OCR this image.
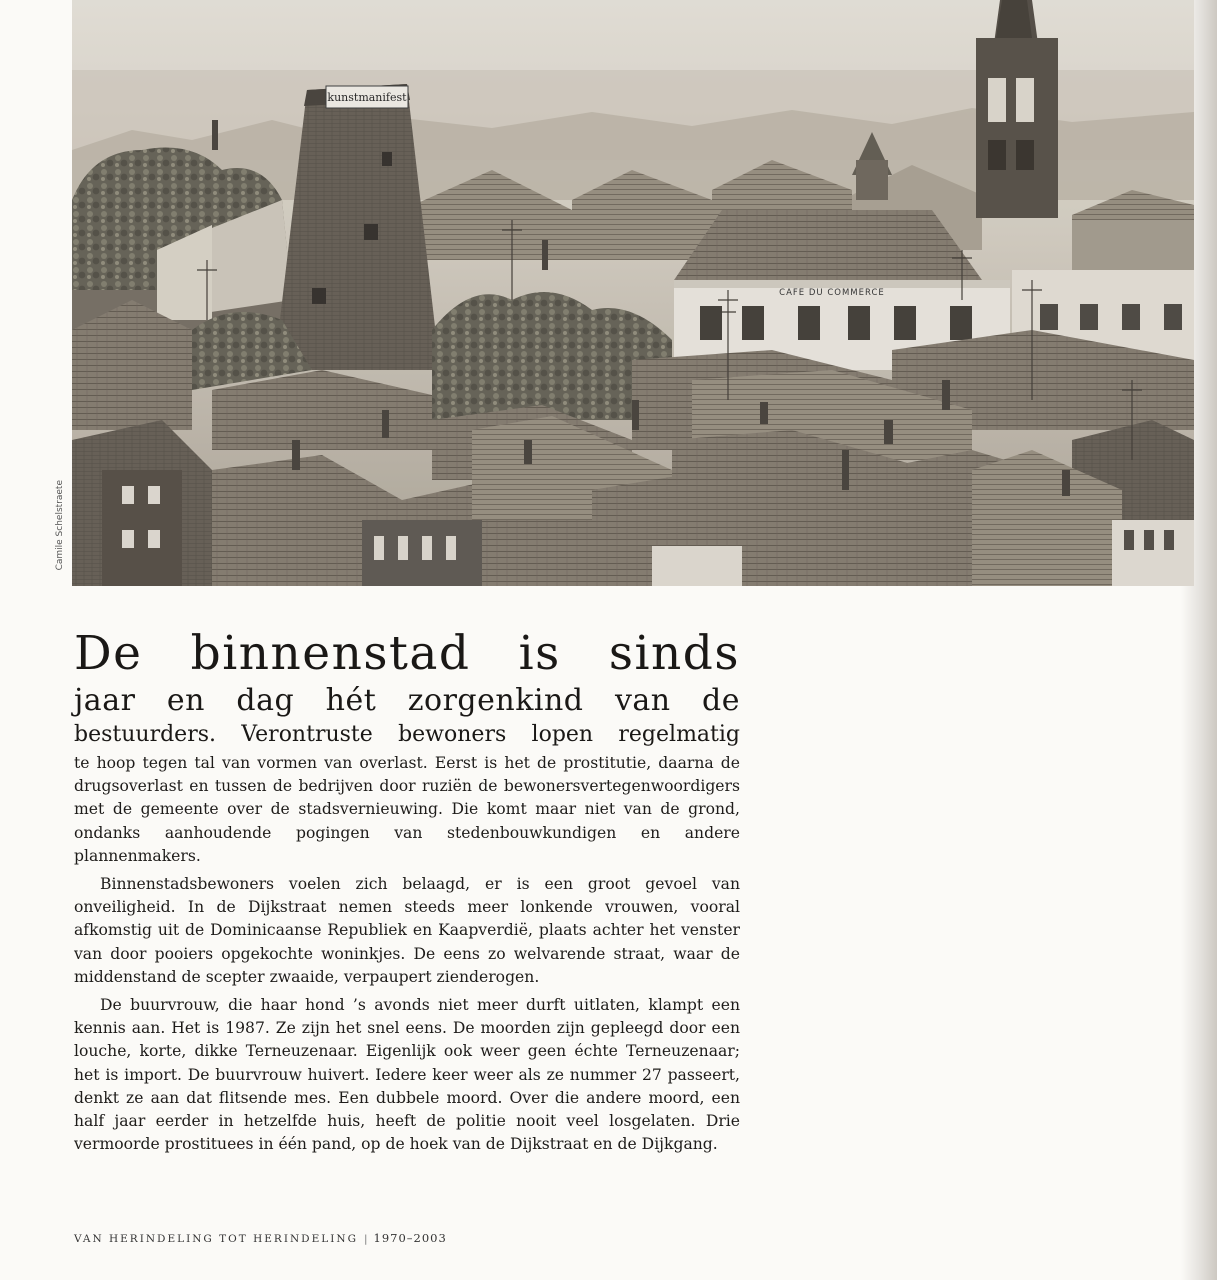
kunstmanifest
CAFE DU COMMERCE
Camile Schelstraete
De binnenstad is sinds
jaar en dag hét zorgenkind van de
bestuurders. Verontruste bewoners lopen regelmatig

te hoop tegen tal van vormen van overlast. Eerst is het de prostitutie, daarna de drugsoverlast en tussen de bedrijven door ruziën de bewonersvertegenwoordigers met de gemeente over de stadsvernieuwing. Die komt maar niet van de grond, ondanks aanhoudende pogingen van stedenbouwkundigen en andere plannenmakers.

Binnenstadsbewoners voelen zich belaagd, er is een groot gevoel van onveiligheid. In de Dijkstraat nemen steeds meer lonkende vrouwen, vooral afkomstig uit de Dominicaanse Republiek en Kaapverdië, plaats achter het venster van door pooiers opgekochte woninkjes. De eens zo welvarende straat, waar de middenstand de scepter zwaaide, verpaupert zienderogen.

De buurvrouw, die haar hond ’s avonds niet meer durft uitlaten, klampt een kennis aan. Het is 1987. Ze zijn het snel eens. De moorden zijn gepleegd door een louche, korte, dikke Terneuzenaar. Eigenlijk ook weer geen échte Terneuzenaar; het is import. De buurvrouw huivert. Iedere keer weer als ze nummer 27 passeert, denkt ze aan dat flitsende mes. Een dubbele moord. Over die andere moord, een half jaar eerder in hetzelfde huis, heeft de politie nooit veel losgelaten. Drie vermoorde prostituees in één pand, op de hoek van de Dijkstraat en de Dijkgang.

VAN HERINDELING TOT HERINDELING | 1970–2003
